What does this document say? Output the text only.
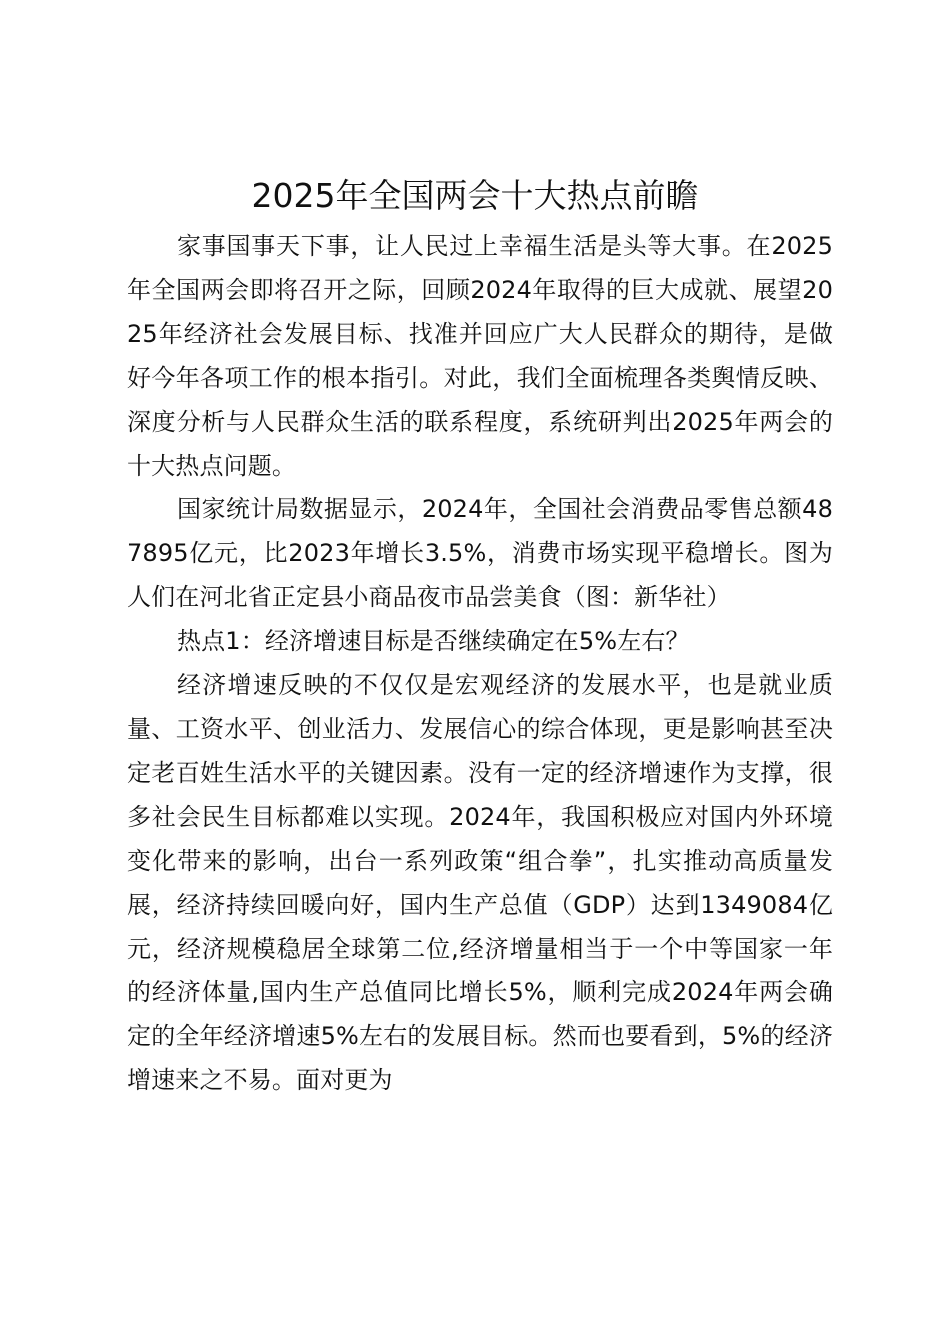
2025年全国两会十大热点前瞻

家事国事天下事，让人民过上幸福生活是头等大事。在2025年全国两会即将召开之际，回顾2024年取得的巨大成就、展望2025年经济社会发展目标、找准并回应广大人民群众的期待，是做好今年各项工作的根本指引。对此，我们全面梳理各类舆情反映、深度分析与人民群众生活的联系程度，系统研判出2025年两会的十大热点问题。

国家统计局数据显示，2024年，全国社会消费品零售总额487895亿元，比2023年增长3.5%，消费市场实现平稳增长。图为人们在河北省正定县小商品夜市品尝美食（图：新华社）

热点1：经济增速目标是否继续确定在5%左右？

经济增速反映的不仅仅是宏观经济的发展水平，也是就业质量、工资水平、创业活力、发展信心的综合体现，更是影响甚至决定老百姓生活水平的关键因素。没有一定的经济增速作为支撑，很多社会民生目标都难以实现。2024年，我国积极应对国内外环境变化带来的影响，出台一系列政策“组合拳”，扎实推动高质量发展，经济持续回暖向好，国内生产总值（GDP）达到1349084亿元，经济规模稳居全球第二位,经济增量相当于一个中等国家一年的经济体量,国内生产总值同比增长5%，顺利完成2024年两会确定的全年经济增速5%左右的发展目标。然而也要看到，5%的经济增速来之不易。面对更为
